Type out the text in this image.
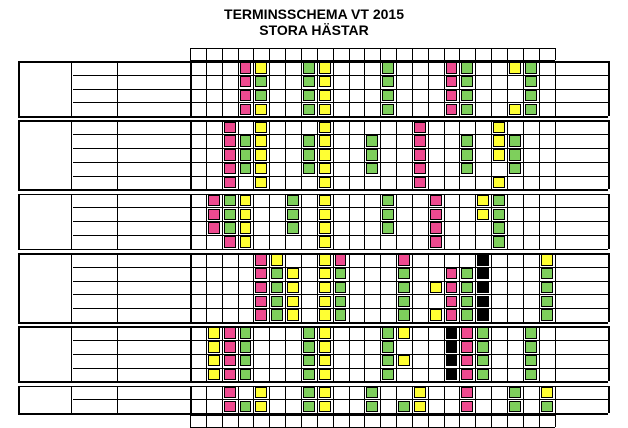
TERMINSSCHEMA VT 2015
STORA HÄSTAR
